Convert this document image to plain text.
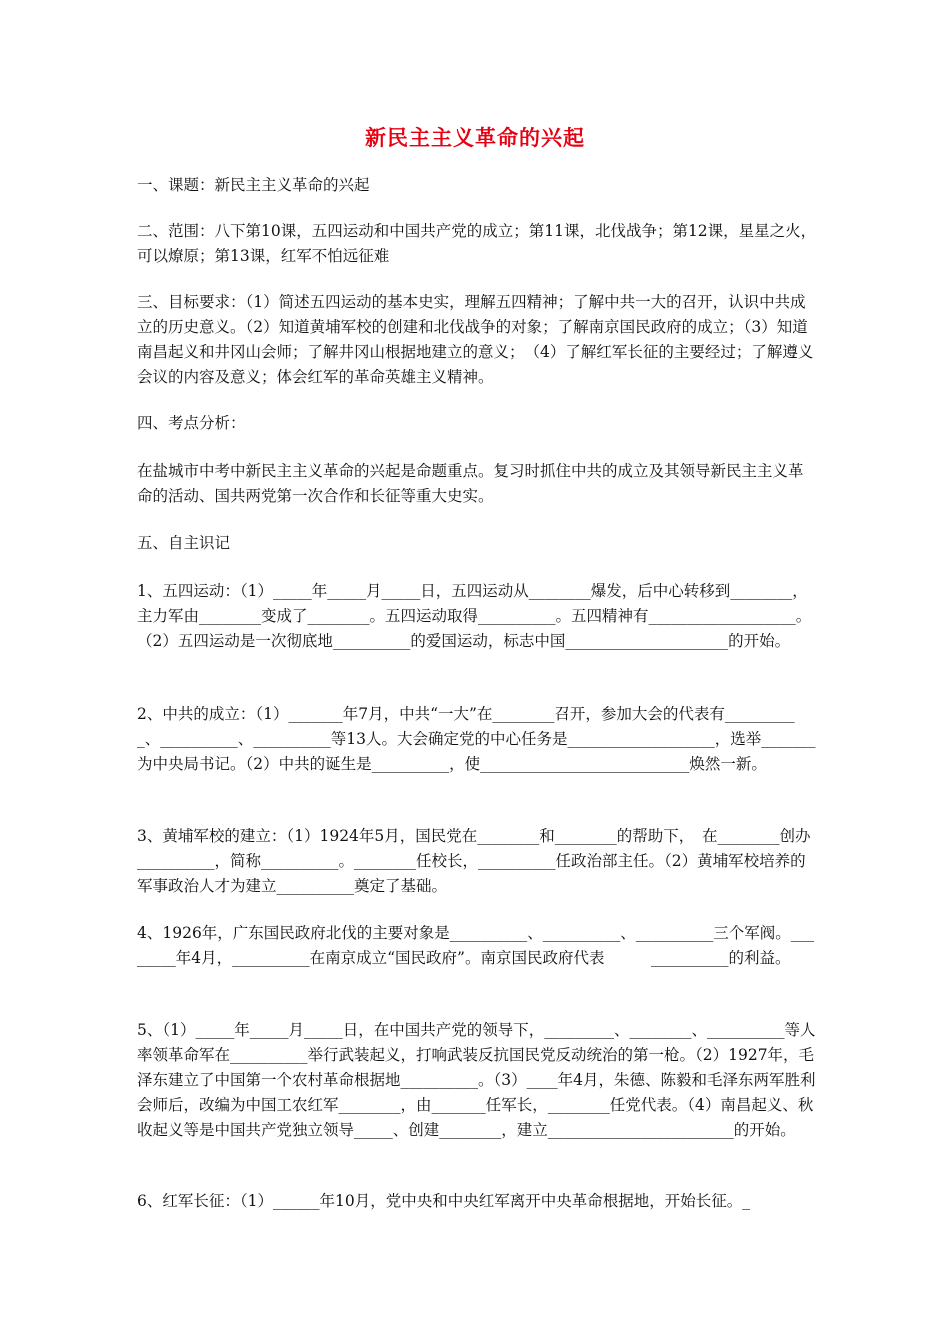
新民主主义革命的兴起
一、课题：新民主主义革命的兴起
二、范围：八下第10课，五四运动和中国共产党的成立；第11课，北伐战争；第12课，星星之火，可以燎原；第13课，红军不怕远征难
三、目标要求：（1）简述五四运动的基本史实，理解五四精神；了解中共一大的召开，认识中共成立的历史意义。（2）知道黄埔军校的创建和北伐战争的对象；了解南京国民政府的成立；（3）知道南昌起义和井冈山会师；了解井冈山根据地建立的意义；　（4）了解红军长征的主要经过；了解遵义会议的内容及意义；体会红军的革命英雄主义精神。
四、考点分析：
在盐城市中考中新民主主义革命的兴起是命题重点。复习时抓住中共的成立及其领导新民主主义革命的活动、国共两党第一次合作和长征等重大史实。
五、自主识记
1、五四运动：（1）_____年_____月_____日，五四运动从________爆发，后中心转移到________，主力军由________变成了________。五四运动取得__________。五四精神有___________________。（2）五四运动是一次彻底地__________的爱国运动，标志中国_____________________的开始。
2、中共的成立：（1）_______年7月，中共“一大”在________召开，参加大会的代表有__________、__________、__________等13人。大会确定党的中心任务是___________________，选举_______为中央局书记。（2）中共的诞生是__________，使___________________________焕然一新。
3、黄埔军校的建立：（1）1924年5月，国民党在________和________的帮助下，　在________创办__________，简称__________。________任校长，__________任政治部主任。（2）黄埔军校培养的军事政治人才为建立__________奠定了基础。
4、1926年，广东国民政府北伐的主要对象是__________、__________、__________三个军阀。________年4月，__________在南京成立“国民政府”。南京国民政府代表　　　__________的利益。
5、（1）_____年_____月_____日，在中国共产党的领导下，_________、________、__________等人率领革命军在__________举行武装起义，打响武装反抗国民党反动统治的第一枪。（2）1927年，毛泽东建立了中国第一个农村革命根据地__________。（3）____年4月，朱德、陈毅和毛泽东两军胜利会师后，改编为中国工农红军________，由_______任军长，________任党代表。（4）南昌起义、秋收起义等是中国共产党独立领导_____、创建________，建立________________________的开始。
6、红军长征：（1）______年10月，党中央和中央红军离开中央革命根据地，开始长征。_
